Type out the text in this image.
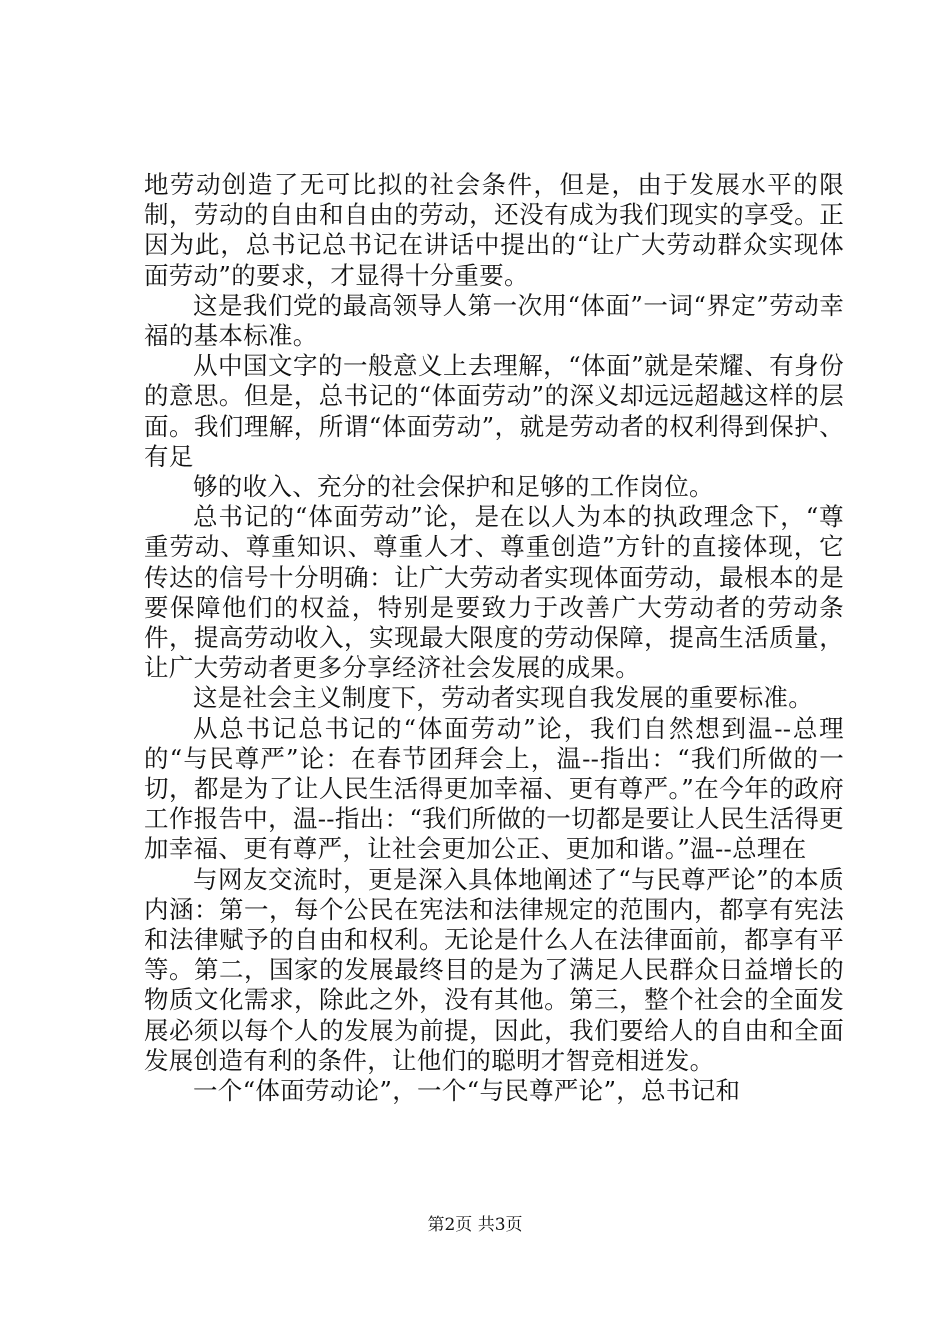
地劳动创造了无可比拟的社会条件，但是，由于发展水平的限制，劳动的自由和自由的劳动，还没有成为我们现实的享受。正因为此，总书记总书记在讲话中提出的“让广大劳动群众实现体面劳动”的要求，才显得十分重要。

这是我们党的最高领导人第一次用“体面”一词“界定”劳动幸福的基本标准。

从中国文字的一般意义上去理解，“体面”就是荣耀、有身份的意思。但是，总书记的“体面劳动”的深义却远远超越这样的层面。我们理解，所谓“体面劳动”，就是劳动者的权利得到保护、有足

够的收入、充分的社会保护和足够的工作岗位。

总书记的“体面劳动”论，是在以人为本的执政理念下，“尊重劳动、尊重知识、尊重人才、尊重创造”方针的直接体现，它传达的信号十分明确：让广大劳动者实现体面劳动，最根本的是要保障他们的权益，特别是要致力于改善广大劳动者的劳动条件，提高劳动收入，实现最大限度的劳动保障，提高生活质量，让广大劳动者更多分享经济社会发展的成果。

这是社会主义制度下，劳动者实现自我发展的重要标准。

从总书记总书记的“体面劳动”论，我们自然想到温--总理的“与民尊严”论：在春节团拜会上，温--指出：“我们所做的一切，都是为了让人民生活得更加幸福、更有尊严。”在今年的政府工作报告中，温--指出：“我们所做的一切都是要让人民生活得更加幸福、更有尊严，让社会更加公正、更加和谐。”温--总理在

与网友交流时，更是深入具体地阐述了“与民尊严论”的本质内涵：第一，每个公民在宪法和法律规定的范围内，都享有宪法和法律赋予的自由和权利。无论是什么人在法律面前，都享有平等。第二，国家的发展最终目的是为了满足人民群众日益增长的物质文化需求，除此之外，没有其他。第三，整个社会的全面发展必须以每个人的发展为前提，因此，我们要给人的自由和全面发展创造有利的条件，让他们的聪明才智竞相迸发。

一个“体面劳动论”，一个“与民尊严论”，总书记和

第2页 共3页
